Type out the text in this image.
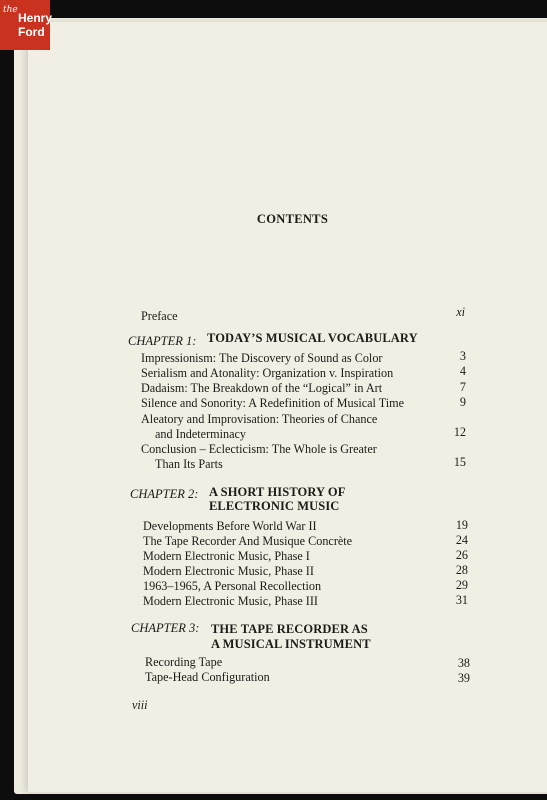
the
Henry
Ford
CONTENTS
Preface	xi
CHAPTER 1: TODAY’S MUSICAL VOCABULARY
Impressionism: The Discovery of Sound as Color	3
Serialism and Atonality: Organization v. Inspiration	4
Dadaism: The Breakdown of the “Logical” in Art	7
Silence and Sonority: A Redefinition of Musical Time	9
Aleatory and Improvisation: Theories of Chance
and Indeterminacy	12
Conclusion – Eclecticism: The Whole is Greater
Than Its Parts	15
CHAPTER 2: A SHORT HISTORY OF
ELECTRONIC MUSIC
Developments Before World War II	19
The Tape Recorder And Musique Concrète	24
Modern Electronic Music, Phase I	26
Modern Electronic Music, Phase II	28
1963–1965, A Personal Recollection	29
Modern Electronic Music, Phase III	31
CHAPTER 3: THE TAPE RECORDER AS
A MUSICAL INSTRUMENT
Recording Tape	38
Tape-Head Configuration	39
viii
